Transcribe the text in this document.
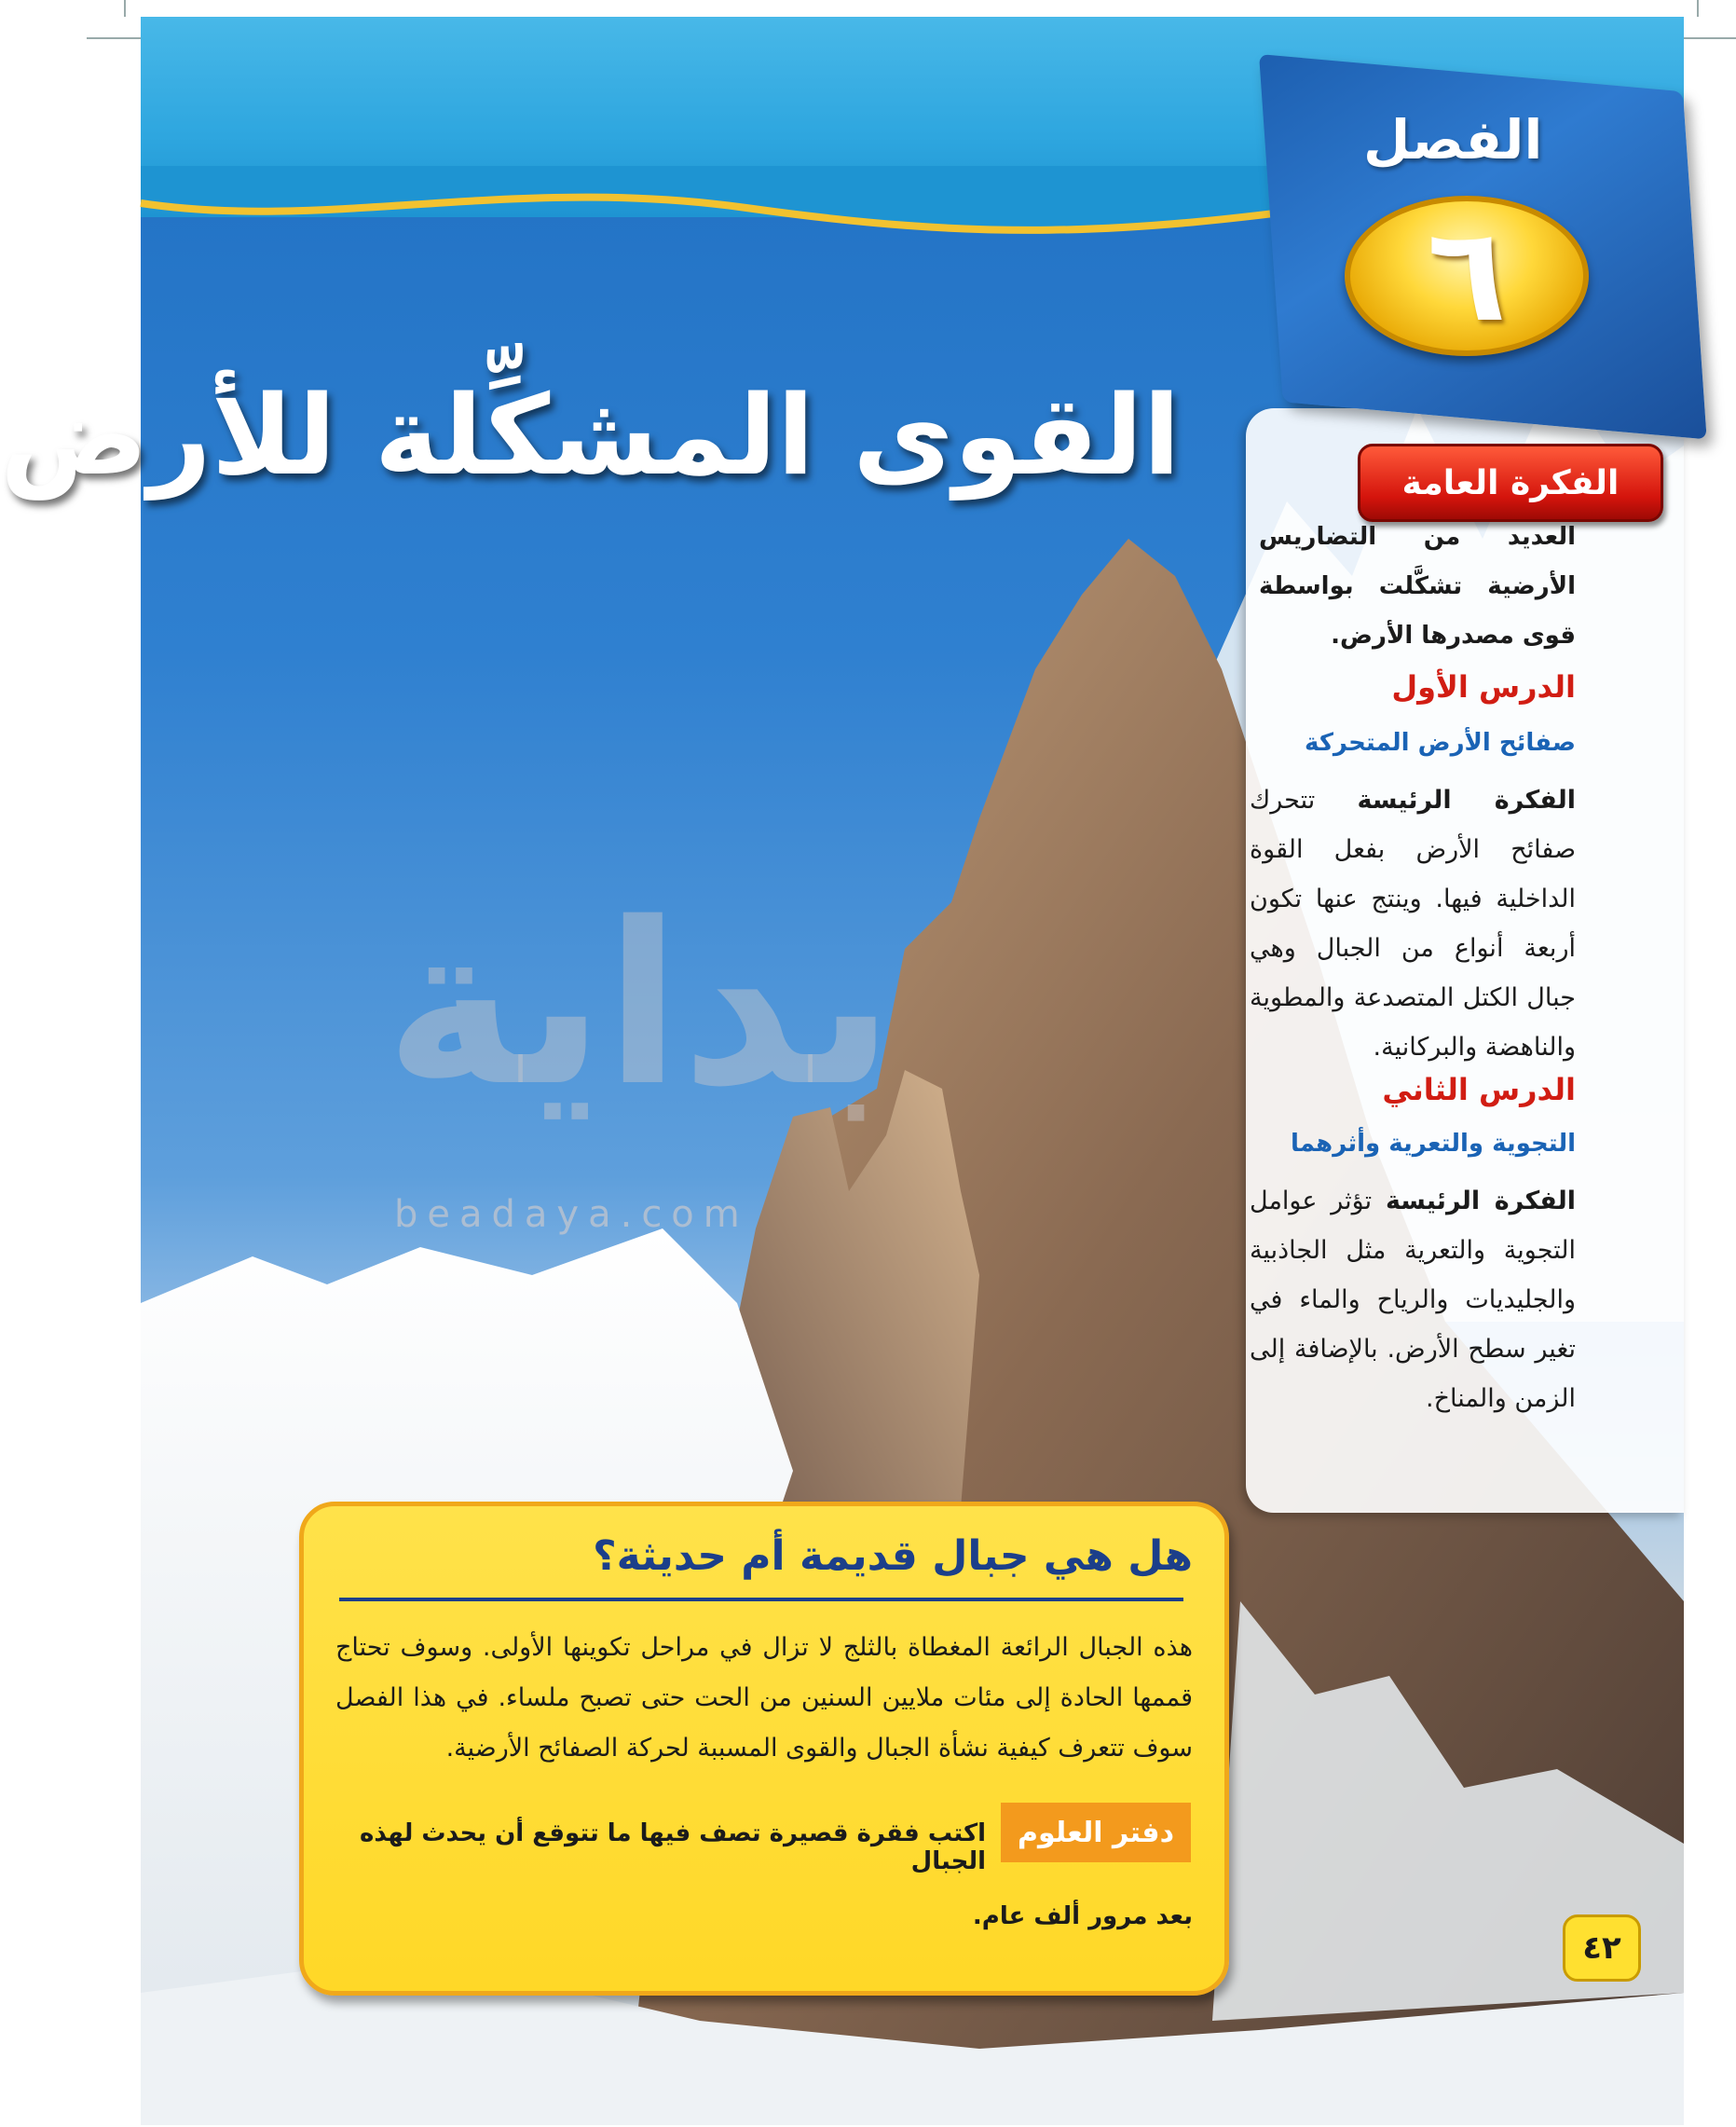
بداية
beadaya.com
القوى المشكِّلة للأرض
هل هي جبال قديمة أم حديثة؟
هذه الجبال الرائعة المغطاة بالثلج لا تزال في مراحل تكوينها الأولى. وسوف تحتاج قممها الحادة إلى مئات ملايين السنين من الحت حتى تصبح ملساء. في هذا الفصل سوف تتعرف كيفية نشأة الجبال والقوى المسببة لحركة الصفائح الأرضية.
دفتر العلوم
اكتب فقرة قصيرة تصف فيها ما تتوقع أن يحدث لهذه الجبال
بعد مرور ألف عام.
٤٢
الفصل
٦
الفكرة العامة
العديد من التضاريس الأرضية تشكَّلت بواسطة قوى مصدرها الأرض.
الدرس الأول
صفائح الأرض المتحركة
الفكرة الرئيسة تتحرك صفائح الأرض بفعل القوة الداخلية فيها. وينتج عنها تكون أربعة أنواع من الجبال وهي جبال الكتل المتصدعة والمطوية والناهضة والبركانية.
الدرس الثاني
التجوية والتعرية وأثرهما
الفكرة الرئيسة تؤثر عوامل التجوية والتعرية مثل الجاذبية والجليديات والرياح والماء في تغير سطح الأرض. بالإضافة إلى الزمن والمناخ.
